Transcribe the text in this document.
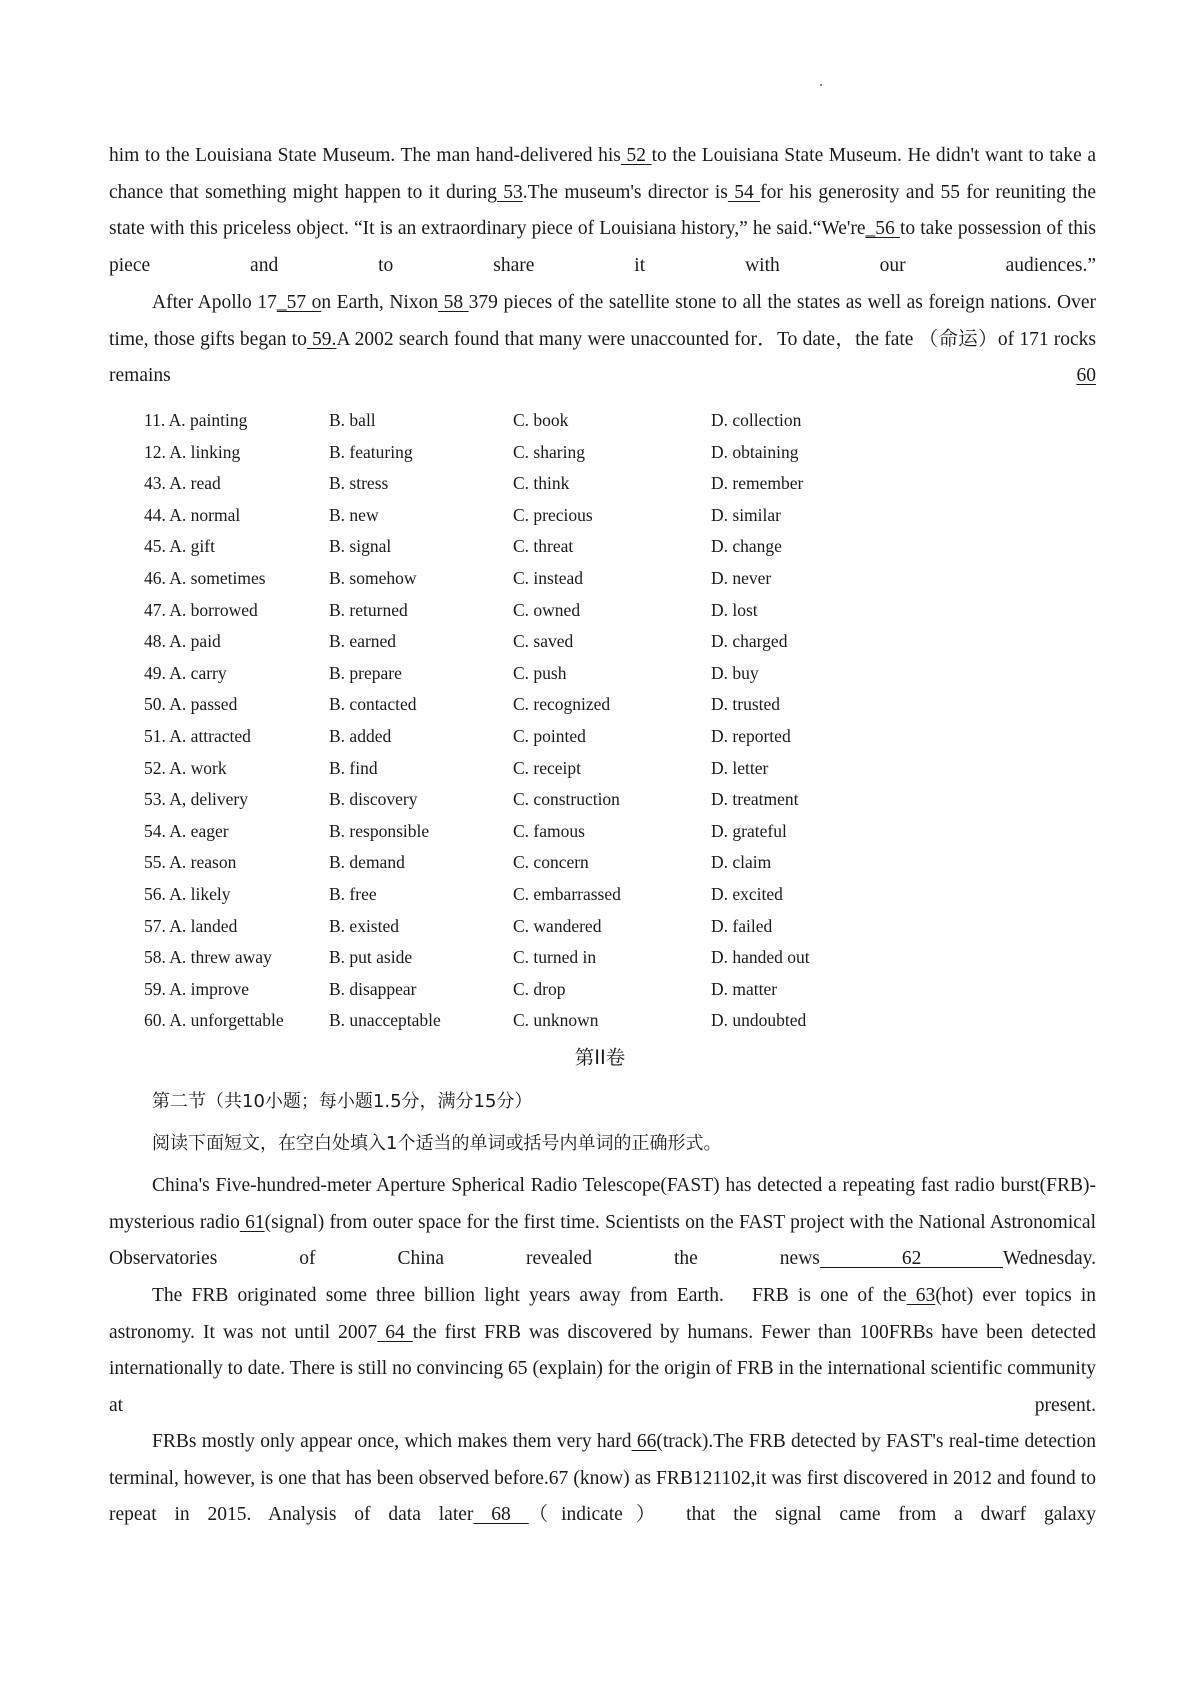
him to the Louisiana State Museum. The man hand-delivered his 52 to the Louisiana State Museum. He didn't want to take a chance that something might happen to it during 53.The museum's director is 54 for his generosity and 55 for reuniting the state with this priceless object. “It is an extraordinary piece of Louisiana history,” he said.“We're_56 to take possession of this piece and to share it with our audiences.”

After Apollo 17_57 on Earth, Nixon 58 379 pieces of the satellite stone to all the states as well as foreign nations. Over time, those gifts began to 59.A 2002 search found that many were unaccounted for．To date，the fate （命运）of 171 rocks remains　 60

11. A. painting	B. ball	C. book	D. collection
12. A. linking	B. featuring	C. sharing	D. obtaining
43. A. read	B. stress	C. think	D. remember
44. A. normal	B. new	C. precious	D. similar
45. A. gift	B. signal	C. threat	D. change
46. A. sometimes	B. somehow	C. instead	D. never
47. A. borrowed	B. returned	C. owned	D. lost
48. A. paid	B. earned	C. saved	D. charged
49. A. carry	B. prepare	C. push	D. buy
50. A. passed	B. contacted	C. recognized	D. trusted
51. A. attracted	B. added	C. pointed	D. reported
52. A. work	B. find	C. receipt	D. letter
53. A, delivery	B. discovery	C. construction	D. treatment
54. A. eager	B. responsible	C. famous	D. grateful
55. A. reason	B. demand	C. concern	D. claim
56. A. likely	B. free	C. embarrassed	D. excited
57. A. landed	B. existed	C. wandered	D. failed
58. A. threw away	B. put aside	C. turned in	D. handed out
59. A. improve	B. disappear	C. drop	D. matter
60. A. unforgettable	B. unacceptable	C. unknown	D. undoubted
第II卷

第二节（共10小题；每小题1.5分，满分15分）

阅读下面短文，在空白处填入1个适当的单词或括号内单词的正确形式。

China's Five-hundred-meter Aperture Spherical Radio Telescope(FAST) has detected a repeating fast radio burst(FRB)-mysterious radio 61(signal) from outer space for the first time. Scientists on the FAST project with the National Astronomical Observatories of China revealed the news 62 Wednesday.

The FRB originated some three billion light years away from Earth.　FRB is one of the 63(hot) ever topics in astronomy. It was not until 2007 64 the first FRB was discovered by humans. Fewer than 100FRBs have been detected internationally to date. There is still no convincing 65 (explain) for the origin of FRB in the international scientific community at present.

FRBs mostly only appear once, which makes them very hard 66(track).The FRB detected by FAST's real-time detection terminal, however, is one that has been observed before.67 (know) as FRB121102,it was first discovered in 2012 and found to repeat in 2015. Analysis of data later 68 （indicate） that the signal came from a dwarf galaxy
